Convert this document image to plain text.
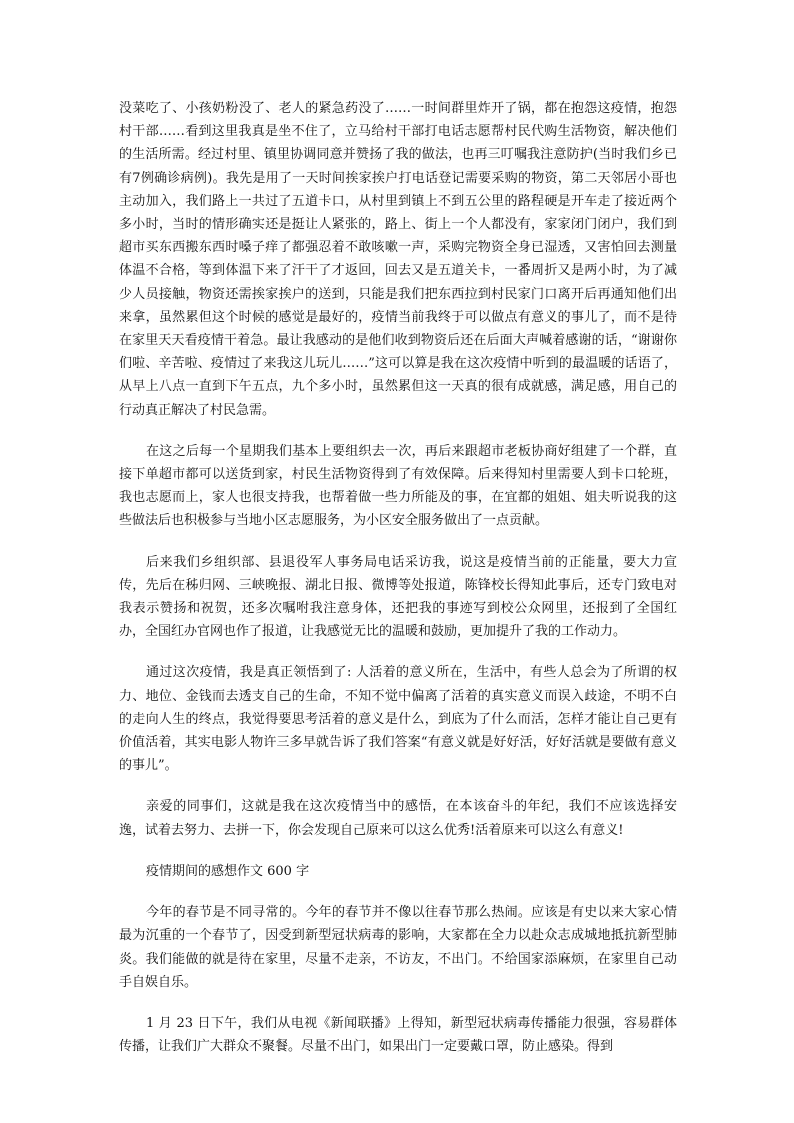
没菜吃了、小孩奶粉没了、老人的紧急药没了……一时间群里炸开了锅，都在抱怨这疫情，抱怨村干部……看到这里我真是坐不住了，立马给村干部打电话志愿帮村民代购生活物资，解决他们的生活所需。经过村里、镇里协调同意并赞扬了我的做法，也再三叮嘱我注意防护(当时我们乡已有7例确诊病例)。我先是用了一天时间挨家挨户打电话登记需要采购的物资，第二天邻居小哥也主动加入，我们路上一共过了五道卡口，从村里到镇上不到五公里的路程硬是开车走了接近两个多小时，当时的情形确实还是挺让人紧张的，路上、街上一个人都没有，家家闭门闭户，我们到超市买东西搬东西时嗓子痒了都强忍着不敢咳嗽一声，采购完物资全身已湿透，又害怕回去测量体温不合格，等到体温下来了汗干了才返回，回去又是五道关卡，一番周折又是两小时，为了减少人员接触，物资还需挨家挨户的送到，只能是我们把东西拉到村民家门口离开后再通知他们出来拿，虽然累但这个时候的感觉是最好的，疫情当前我终于可以做点有意义的事儿了，而不是待在家里天天看疫情干着急。最让我感动的是他们收到物资后还在后面大声喊着感谢的话，“谢谢你们啦、辛苦啦、疫情过了来我这儿玩儿……”这可以算是我在这次疫情中听到的最温暖的话语了，从早上八点一直到下午五点，九个多小时，虽然累但这一天真的很有成就感，满足感，用自己的行动真正解决了村民急需。

在这之后每一个星期我们基本上要组织去一次，再后来跟超市老板协商好组建了一个群，直接下单超市都可以送货到家，村民生活物资得到了有效保障。后来得知村里需要人到卡口轮班，我也志愿而上，家人也很支持我，也帮着做一些力所能及的事，在宜都的姐姐、姐夫听说我的这些做法后也积极参与当地小区志愿服务，为小区安全服务做出了一点贡献。

后来我们乡组织部、县退役军人事务局电话采访我，说这是疫情当前的正能量，要大力宣传，先后在秭归网、三峡晚报、湖北日报、微博等处报道，陈锋校长得知此事后，还专门致电对我表示赞扬和祝贺，还多次嘱咐我注意身体，还把我的事迹写到校公众网里，还报到了全国红办，全国红办官网也作了报道，让我感觉无比的温暖和鼓励，更加提升了我的工作动力。

通过这次疫情，我是真正领悟到了: 人活着的意义所在，生活中，有些人总会为了所谓的权力、地位、金钱而去透支自己的生命，不知不觉中偏离了活着的真实意义而误入歧途，不明不白的走向人生的终点，我觉得要思考活着的意义是什么，到底为了什么而活，怎样才能让自己更有价值活着，其实电影人物许三多早就告诉了我们答案“有意义就是好好活，好好活就是要做有意义的事儿”。

亲爱的同事们，这就是我在这次疫情当中的感悟，在本该奋斗的年纪，我们不应该选择安逸，试着去努力、去拼一下，你会发现自己原来可以这么优秀!活着原来可以这么有意义!

疫情期间的感想作文 600 字

今年的春节是不同寻常的。今年的春节并不像以往春节那么热闹。应该是有史以来大家心情最为沉重的一个春节了，因受到新型冠状病毒的影响，大家都在全力以赴众志成城地抵抗新型肺炎。我们能做的就是待在家里，尽量不走亲，不访友，不出门。不给国家添麻烦，在家里自己动手自娱自乐。

1 月 23 日下午，我们从电视《新闻联播》上得知，新型冠状病毒传播能力很强，容易群体传播，让我们广大群众不聚餐。尽量不出门，如果出门一定要戴口罩，防止感染。得到
